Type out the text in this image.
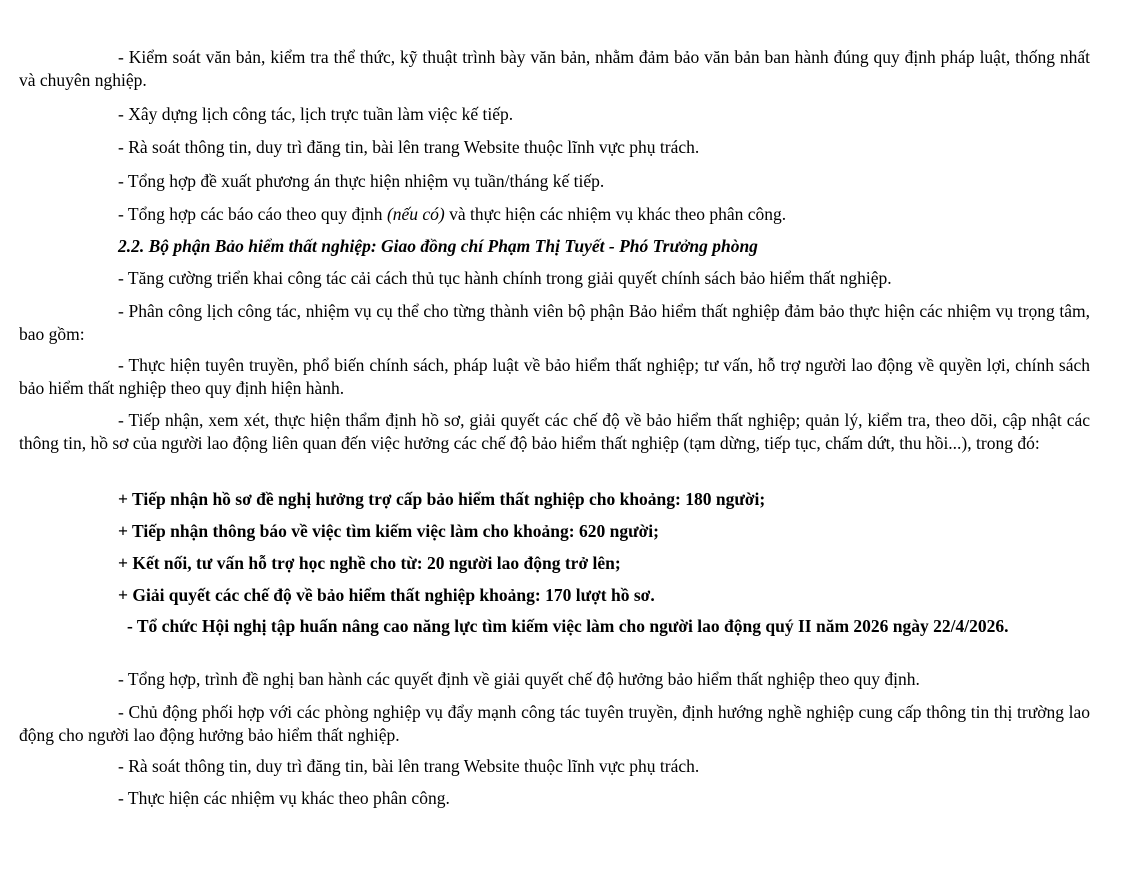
- Kiểm soát văn bản, kiểm tra thể thức, kỹ thuật trình bày văn bản, nhằm đảm bảo văn bản ban hành đúng quy định pháp luật, thống nhất và chuyên nghiệp.
- Xây dựng lịch công tác, lịch trực tuần làm việc kế tiếp.
- Rà soát thông tin, duy trì đăng tin, bài lên trang Website thuộc lĩnh vực phụ trách.
- Tổng hợp đề xuất phương án thực hiện nhiệm vụ tuần/tháng kế tiếp.
- Tổng hợp các báo cáo theo quy định (nếu có) và thực hiện các nhiệm vụ khác theo phân công.
2.2. Bộ phận Bảo hiểm thất nghiệp: Giao đồng chí Phạm Thị Tuyết - Phó Trưởng phòng
- Tăng cường triển khai công tác cải cách thủ tục hành chính trong giải quyết chính sách bảo hiểm thất nghiệp.
- Phân công lịch công tác, nhiệm vụ cụ thể cho từng thành viên bộ phận Bảo hiểm thất nghiệp đảm bảo thực hiện các nhiệm vụ trọng tâm, bao gồm:
- Thực hiện tuyên truyền, phổ biến chính sách, pháp luật về bảo hiểm thất nghiệp; tư vấn, hỗ trợ người lao động về quyền lợi, chính sách bảo hiểm thất nghiệp theo quy định hiện hành.
- Tiếp nhận, xem xét, thực hiện thẩm định hồ sơ, giải quyết các chế độ về bảo hiểm thất nghiệp; quản lý, kiểm tra, theo dõi, cập nhật các thông tin, hồ sơ của người lao động liên quan đến việc hưởng các chế độ bảo hiểm thất nghiệp (tạm dừng, tiếp tục, chấm dứt, thu hồi...), trong đó:
+ Tiếp nhận hồ sơ đề nghị hưởng trợ cấp bảo hiểm thất nghiệp cho khoảng: 180 người;
+ Tiếp nhận thông báo về việc tìm kiếm việc làm cho khoảng: 620 người;
+ Kết nối, tư vấn hỗ trợ học nghề cho từ: 20 người lao động trở lên;
+ Giải quyết các chế độ về bảo hiểm thất nghiệp khoảng: 170 lượt hồ sơ.
- Tổ chức Hội nghị tập huấn nâng cao năng lực tìm kiếm việc làm cho người lao động quý II năm 2026 ngày 22/4/2026.
- Tổng hợp, trình đề nghị ban hành các quyết định về giải quyết chế độ hưởng bảo hiểm thất nghiệp theo quy định.
- Chủ động phối hợp với các phòng nghiệp vụ đẩy mạnh công tác tuyên truyền, định hướng nghề nghiệp cung cấp thông tin thị trường lao động cho người lao động hưởng bảo hiểm thất nghiệp.
- Rà soát thông tin, duy trì đăng tin, bài lên trang Website thuộc lĩnh vực phụ trách.
- Thực hiện các nhiệm vụ khác theo phân công.
